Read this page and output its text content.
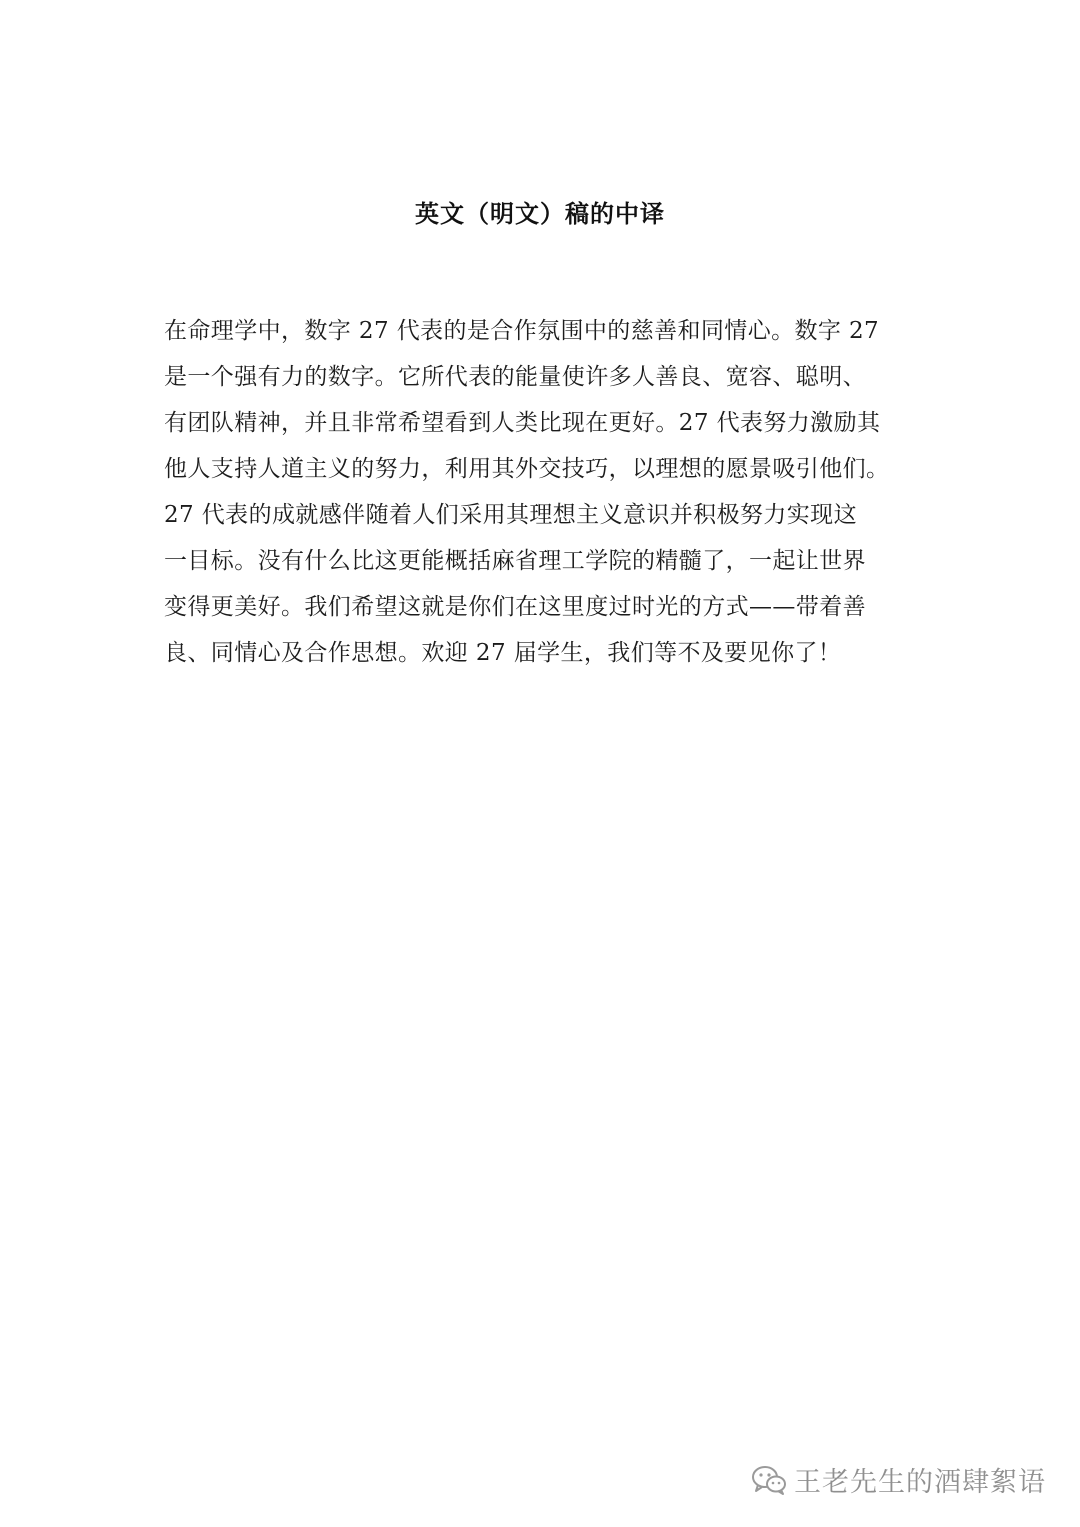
英文（明文）稿的中译
在命理学中，数字 27 代表的是合作氛围中的慈善和同情心。数字 27
是一个强有力的数字。它所代表的能量使许多人善良、宽容、聪明、
有团队精神，并且非常希望看到人类比现在更好。27 代表努力激励其
他人支持人道主义的努力，利用其外交技巧，以理想的愿景吸引他们。
27 代表的成就感伴随着人们采用其理想主义意识并积极努力实现这
一目标。没有什么比这更能概括麻省理工学院的精髓了，一起让世界
变得更美好。我们希望这就是你们在这里度过时光的方式——带着善
良、同情心及合作思想。欢迎 27 届学生，我们等不及要见你了！
王老先生的酒肆絮语
